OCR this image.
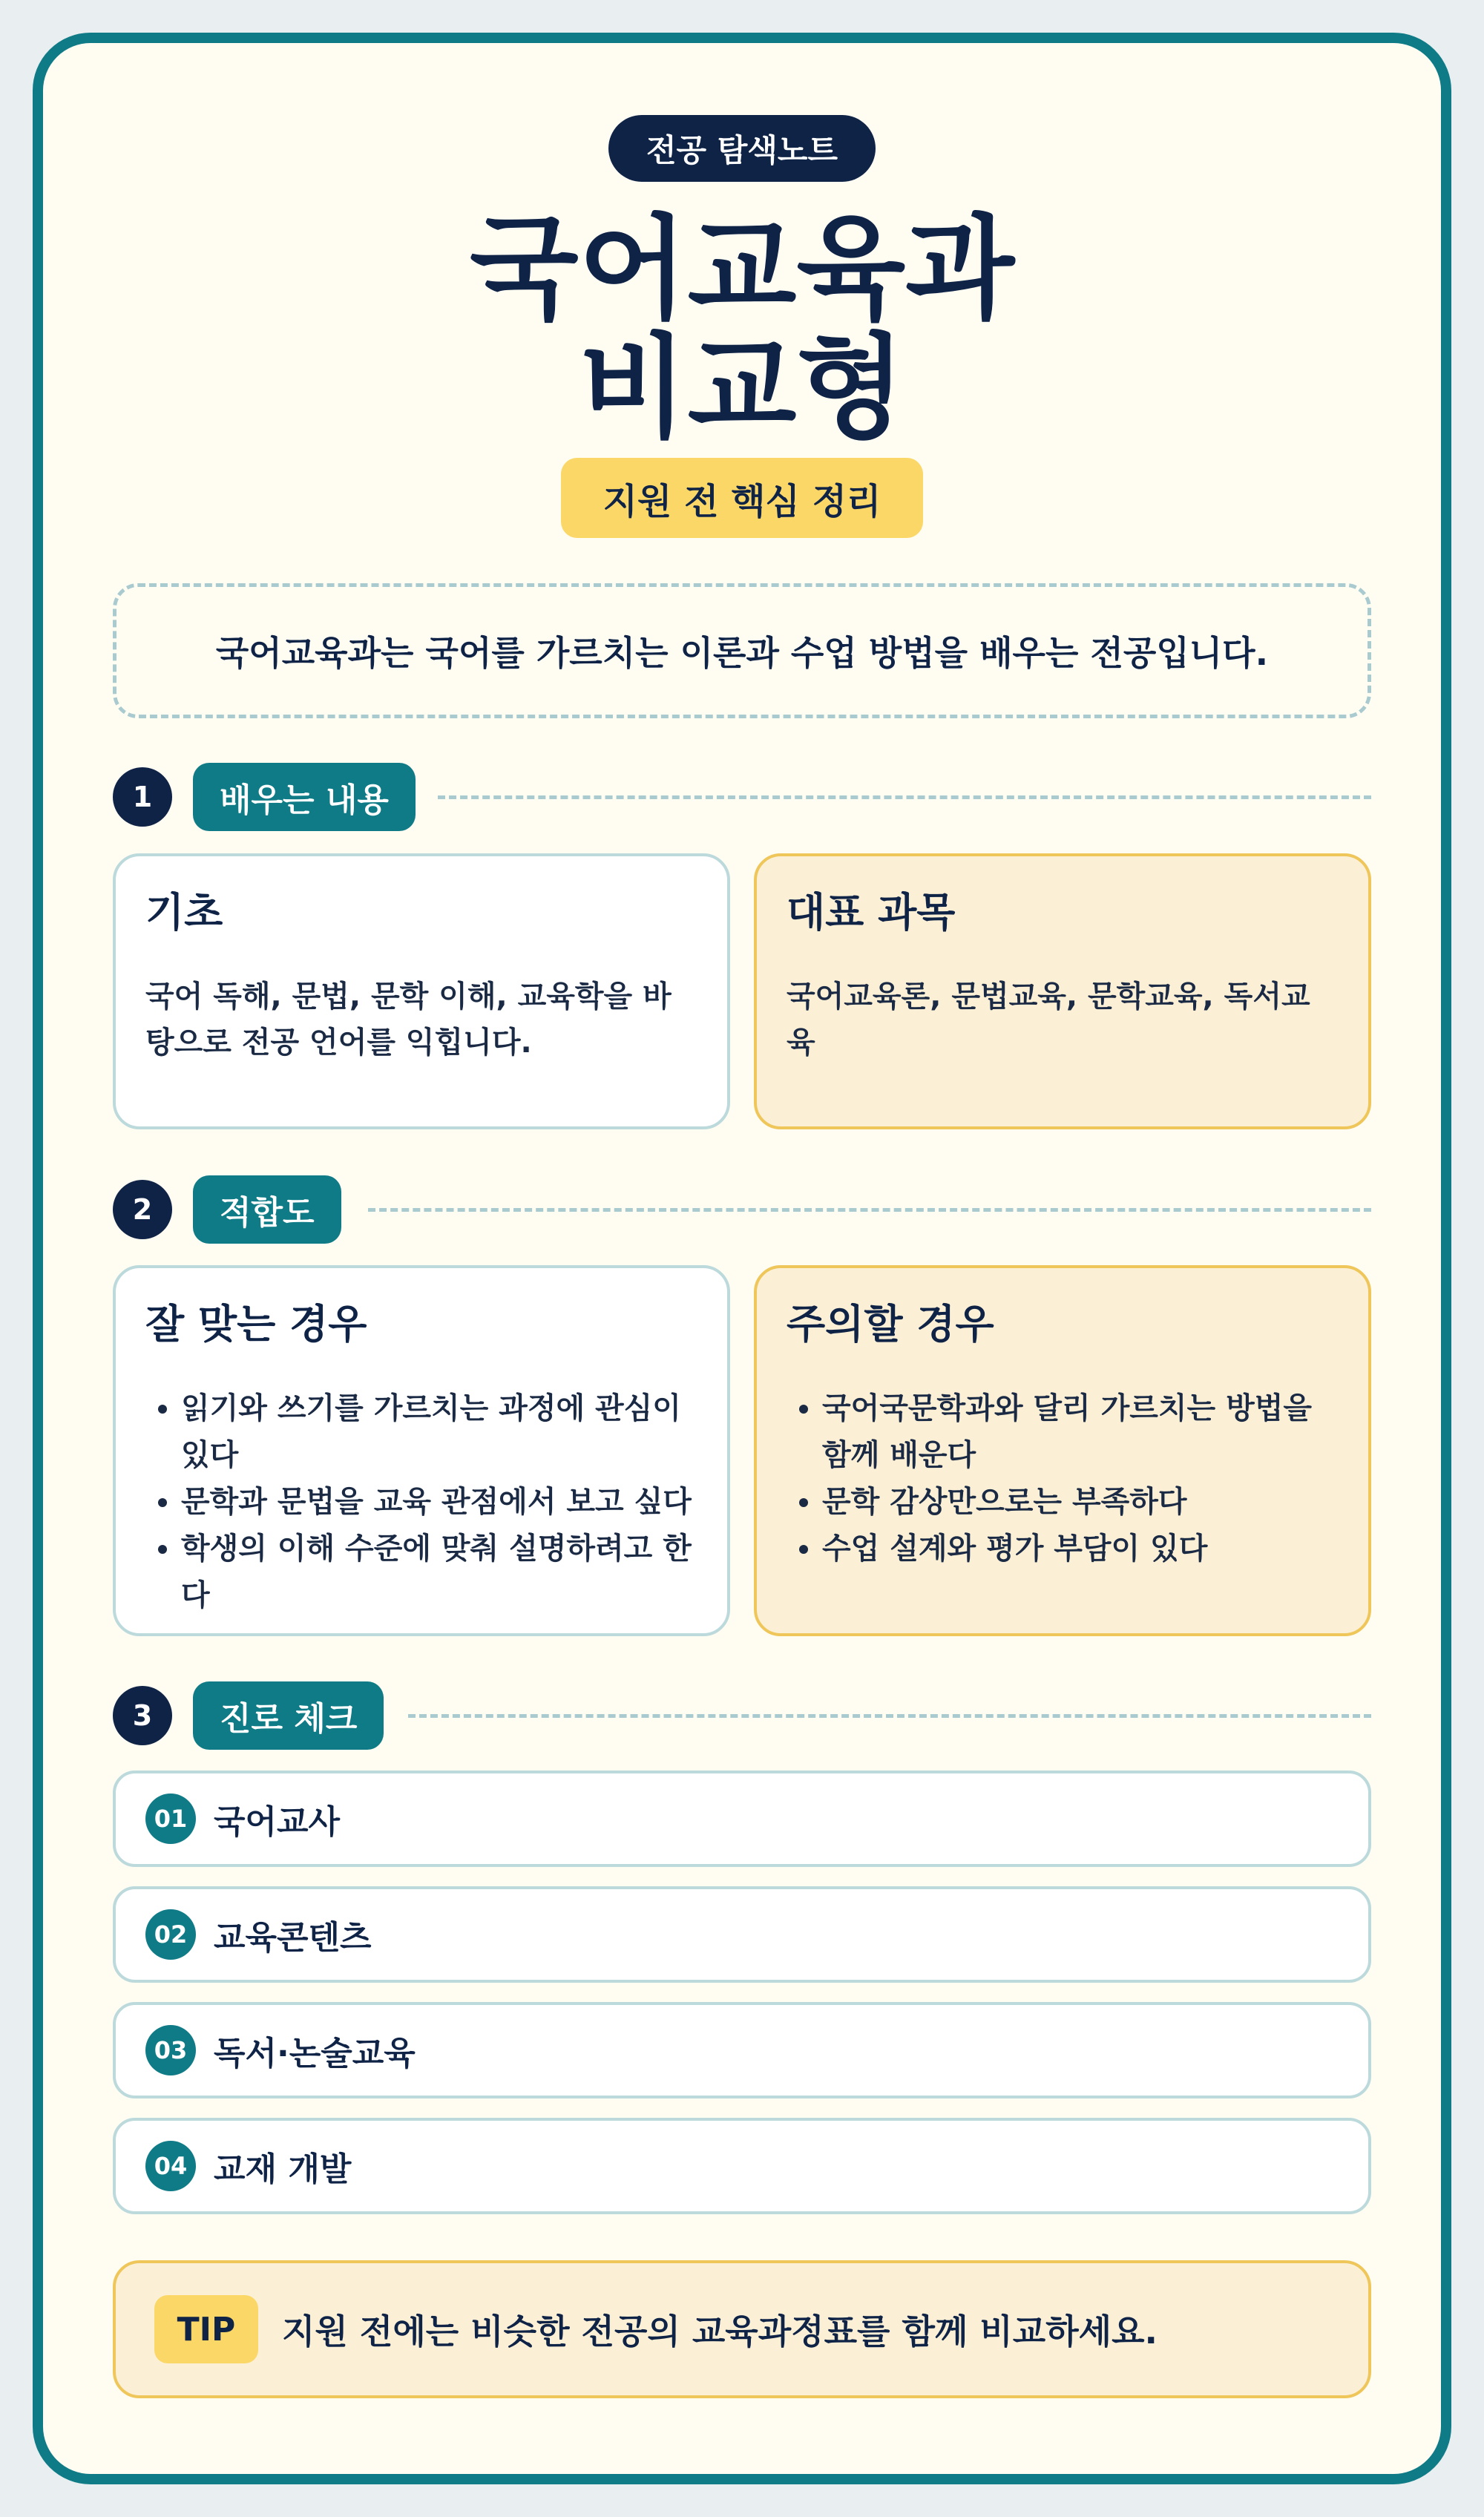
전공 탐색노트
국어교육과
비교형
지원 전 핵심 정리
국어교육과는 국어를 가르치는 이론과 수업 방법을 배우는 전공입니다.
1	배우는 내용
기초

국어 독해, 문법, 문학 이해, 교육학을 바탕으로 전공 언어를 익힙니다.

대표 과목

국어교육론, 문법교육, 문학교육, 독서교육

2	적합도
잘 맞는 경우
• 읽기와 쓰기를 가르치는 과정에 관심이 있다
• 문학과 문법을 교육 관점에서 보고 싶다
• 학생의 이해 수준에 맞춰 설명하려고 한다
주의할 경우
• 국어국문학과와 달리 가르치는 방법을 함께 배운다
• 문학 감상만으로는 부족하다
• 수업 설계와 평가 부담이 있다
3	진로 체크
01 국어교사
02 교육콘텐츠
03 독서·논술교육
04 교재 개발
TIP	지원 전에는 비슷한 전공의 교육과정표를 함께 비교하세요.
